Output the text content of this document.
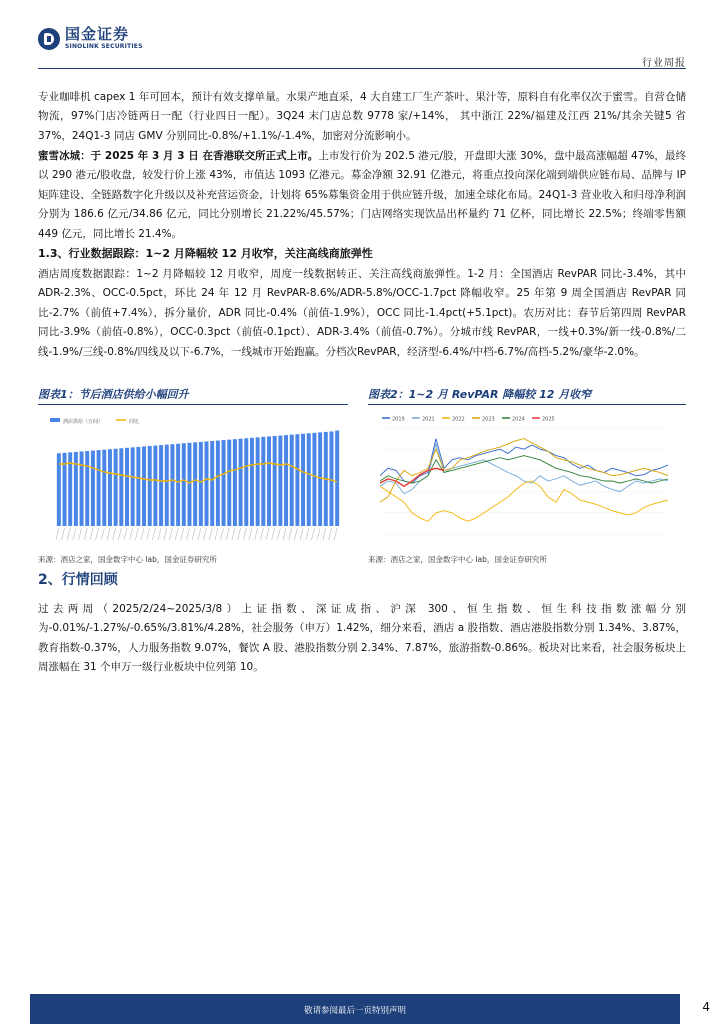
国金证券
SINOLINK SECURITIES
行业周报
专业咖啡机 capex 1 年可回本，预计有效支撑单量。水果产地直采，4 大自建工厂生产茶叶、果汁等，原料自有化率仅次于蜜雪。自营仓储物流，97%门店冷链两日一配（行业四日一配）。3Q24 末门店总数 9778 家/+14%， 其中浙江 22%/福建及江西 21%/其余关键5 省 37%，24Q1-3 同店 GMV 分别同比-0.8%/+1.1%/-1.4%，加密对分流影响小。
蜜雪冰城：于 2025 年 3 月 3 日 在香港联交所正式上市。上市发行价为 202.5 港元/股，开盘即大涨 30%，盘中最高涨幅超 47%，最终以 290 港元/股收盘，较发行价上涨 43%，市值达 1093 亿港元。募金净额 32.91 亿港元，将重点投向深化端到端供应链布局、品牌与 IP 矩阵建设、全链路数字化升级以及补充营运资金，计划将 65%募集资金用于供应链升级，加速全球化布局。24Q1-3 营业收入和归母净利润分别为 186.6 亿元/34.86 亿元，同比分别增长 21.22%/45.57%；门店网络实现饮品出杯量约 71 亿杯，同比增长 22.5%；终端零售额 449 亿元，同比增长 21.4%。
1.3、行业数据跟踪：1~2 月降幅较 12 月收窄，关注高线商旅弹性
酒店周度数据跟踪：1~2 月降幅较 12 月收窄，周度一线数据转正、关注高线商旅弹性。1-2 月：全国酒店 RevPAR 同比-3.4%，其中 ADR-2.3%、OCC-0.5pct，环比 24 年 12 月 RevPAR-8.6%/ADR-5.8%/OCC-1.7pct 降幅收窄。25 年第 9 周全国酒店 RevPAR 同比-2.7%（前值+7.4%），拆分量价，ADR 同比-0.4%（前值-1.9%），OCC 同比-1.4pct(+5.1pct)。农历对比：春节后第四周 RevPAR 同比-3.9%（前值-0.8%），OCC-0.3pct（前值-0.1pct）、ADR-3.4%（前值-0.7%）。分城市线 RevPAR，一线+0.3%/新一线-0.8%/二线-1.9%/三线-0.8%/四线及以下-6.7%，一线城市开始跑赢。分档次RevPAR，经济型-6.4%/中档-6.7%/高档-5.2%/豪华-2.0%。
图表1：节后酒店供给小幅回升	图表2：1~2 月 RevPAR 降幅较 12 月收窄
酒店供给（万间）	同比
来源：酒店之家，国金数字中心 lab，国金证券研究所
2019	2021	2022	2023	2024	2025
来源：酒店之家，国金数字中心 lab，国金证券研究所
2、行情回顾
过去两周（2025/2/24~2025/3/8）上证指数、深证成指、沪深 300、恒生指数、恒生科技指数涨幅分别为-0.01%/-1.27%/-0.65%/3.81%/4.28%，社会服务（申万）1.42%，细分来看，酒店 a 股指数、酒店港股指数分别 1.34%、3.87%，教育指数-0.37%，人力服务指数 9.07%，餐饮 A 股、港股指数分别 2.34%、7.87%，旅游指数-0.86%。板块对比来看，社会服务板块上周涨幅在 31 个申万一级行业板块中位列第 10。
敬请参阅最后一页特别声明	4
